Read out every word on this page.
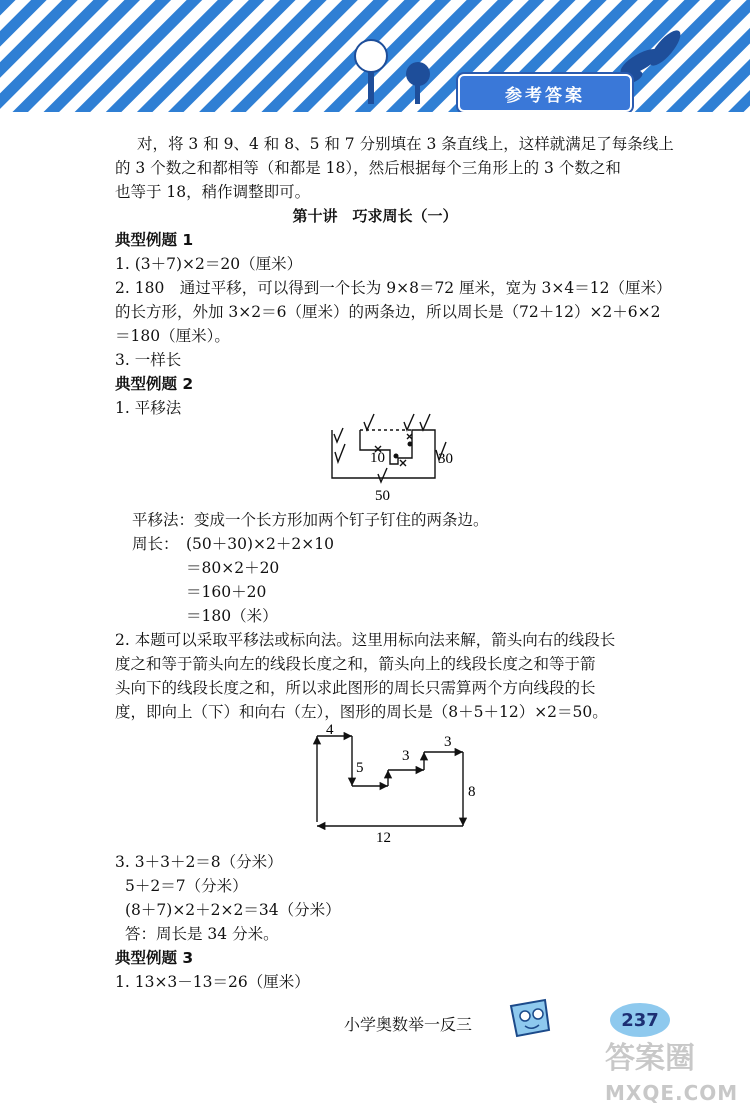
参考答案
对，将 3 和 9、4 和 8、5 和 7 分别填在 3 条直线上，这样就满足了每条线上
的 3 个数之和都相等（和都是 18），然后根据每个三角形上的 3 个数之和
也等于 18，稍作调整即可。
第十讲　巧求周长（一）
典型例题 1
1. (3＋7)×2＝20（厘米）
2. 180　通过平移，可以得到一个长为 9×8＝72 厘米，宽为 3×4＝12（厘米）
的长方形，外加 3×2＝6（厘米）的两条边，所以周长是（72＋12）×2＋6×2
＝180（厘米）。
3. 一样长
典型例题 2
1. 平移法
10	30
50
平移法：变成一个长方形加两个钉子钉住的两条边。
周长： (50＋30)×2＋2×10
＝80×2＋20
＝160＋20
＝180（米）
2. 本题可以采取平移法或标向法。这里用标向法来解，箭头向右的线段长
度之和等于箭头向左的线段长度之和，箭头向上的线段长度之和等于箭
头向下的线段长度之和，所以求此图形的周长只需算两个方向线段的长
度，即向上（下）和向右（左），图形的周长是（8＋5＋12）×2＝50。
4
5
3
3
8
12
3. 3＋3＋2＝8（分米）
5＋2＝7（分米）
(8＋7)×2＋2×2＝34（分米）
答：周长是 34 分米。
典型例题 3
1. 13×3－13＝26（厘米）
小学奥数举一反三	237
答案圈
MXQE.COM
